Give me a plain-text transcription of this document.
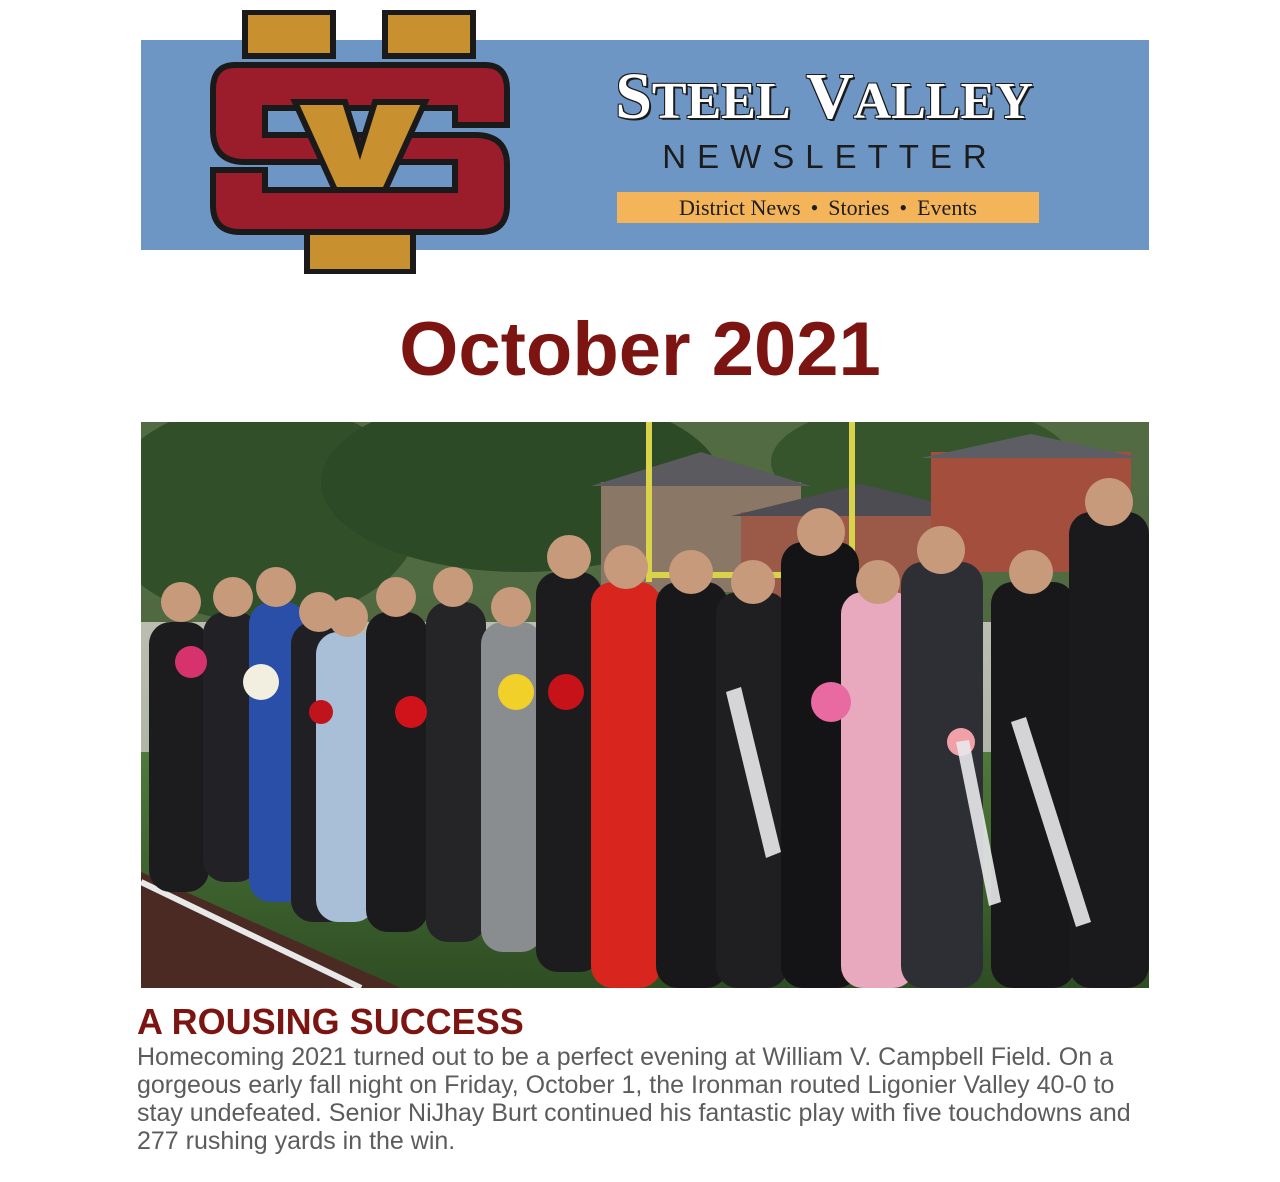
STEEL VALLEY
NEWSLETTER
District News • Stories • Events
October 2021
A ROUSING SUCCESS
Homecoming 2021 turned out to be a perfect evening at William V. Campbell Field. On a gorgeous early fall night on Friday, October 1, the Ironman routed Ligonier Valley 40-0 to stay undefeated. Senior NiJhay Burt continued his fantastic play with five touchdowns and 277 rushing yards in the win.
